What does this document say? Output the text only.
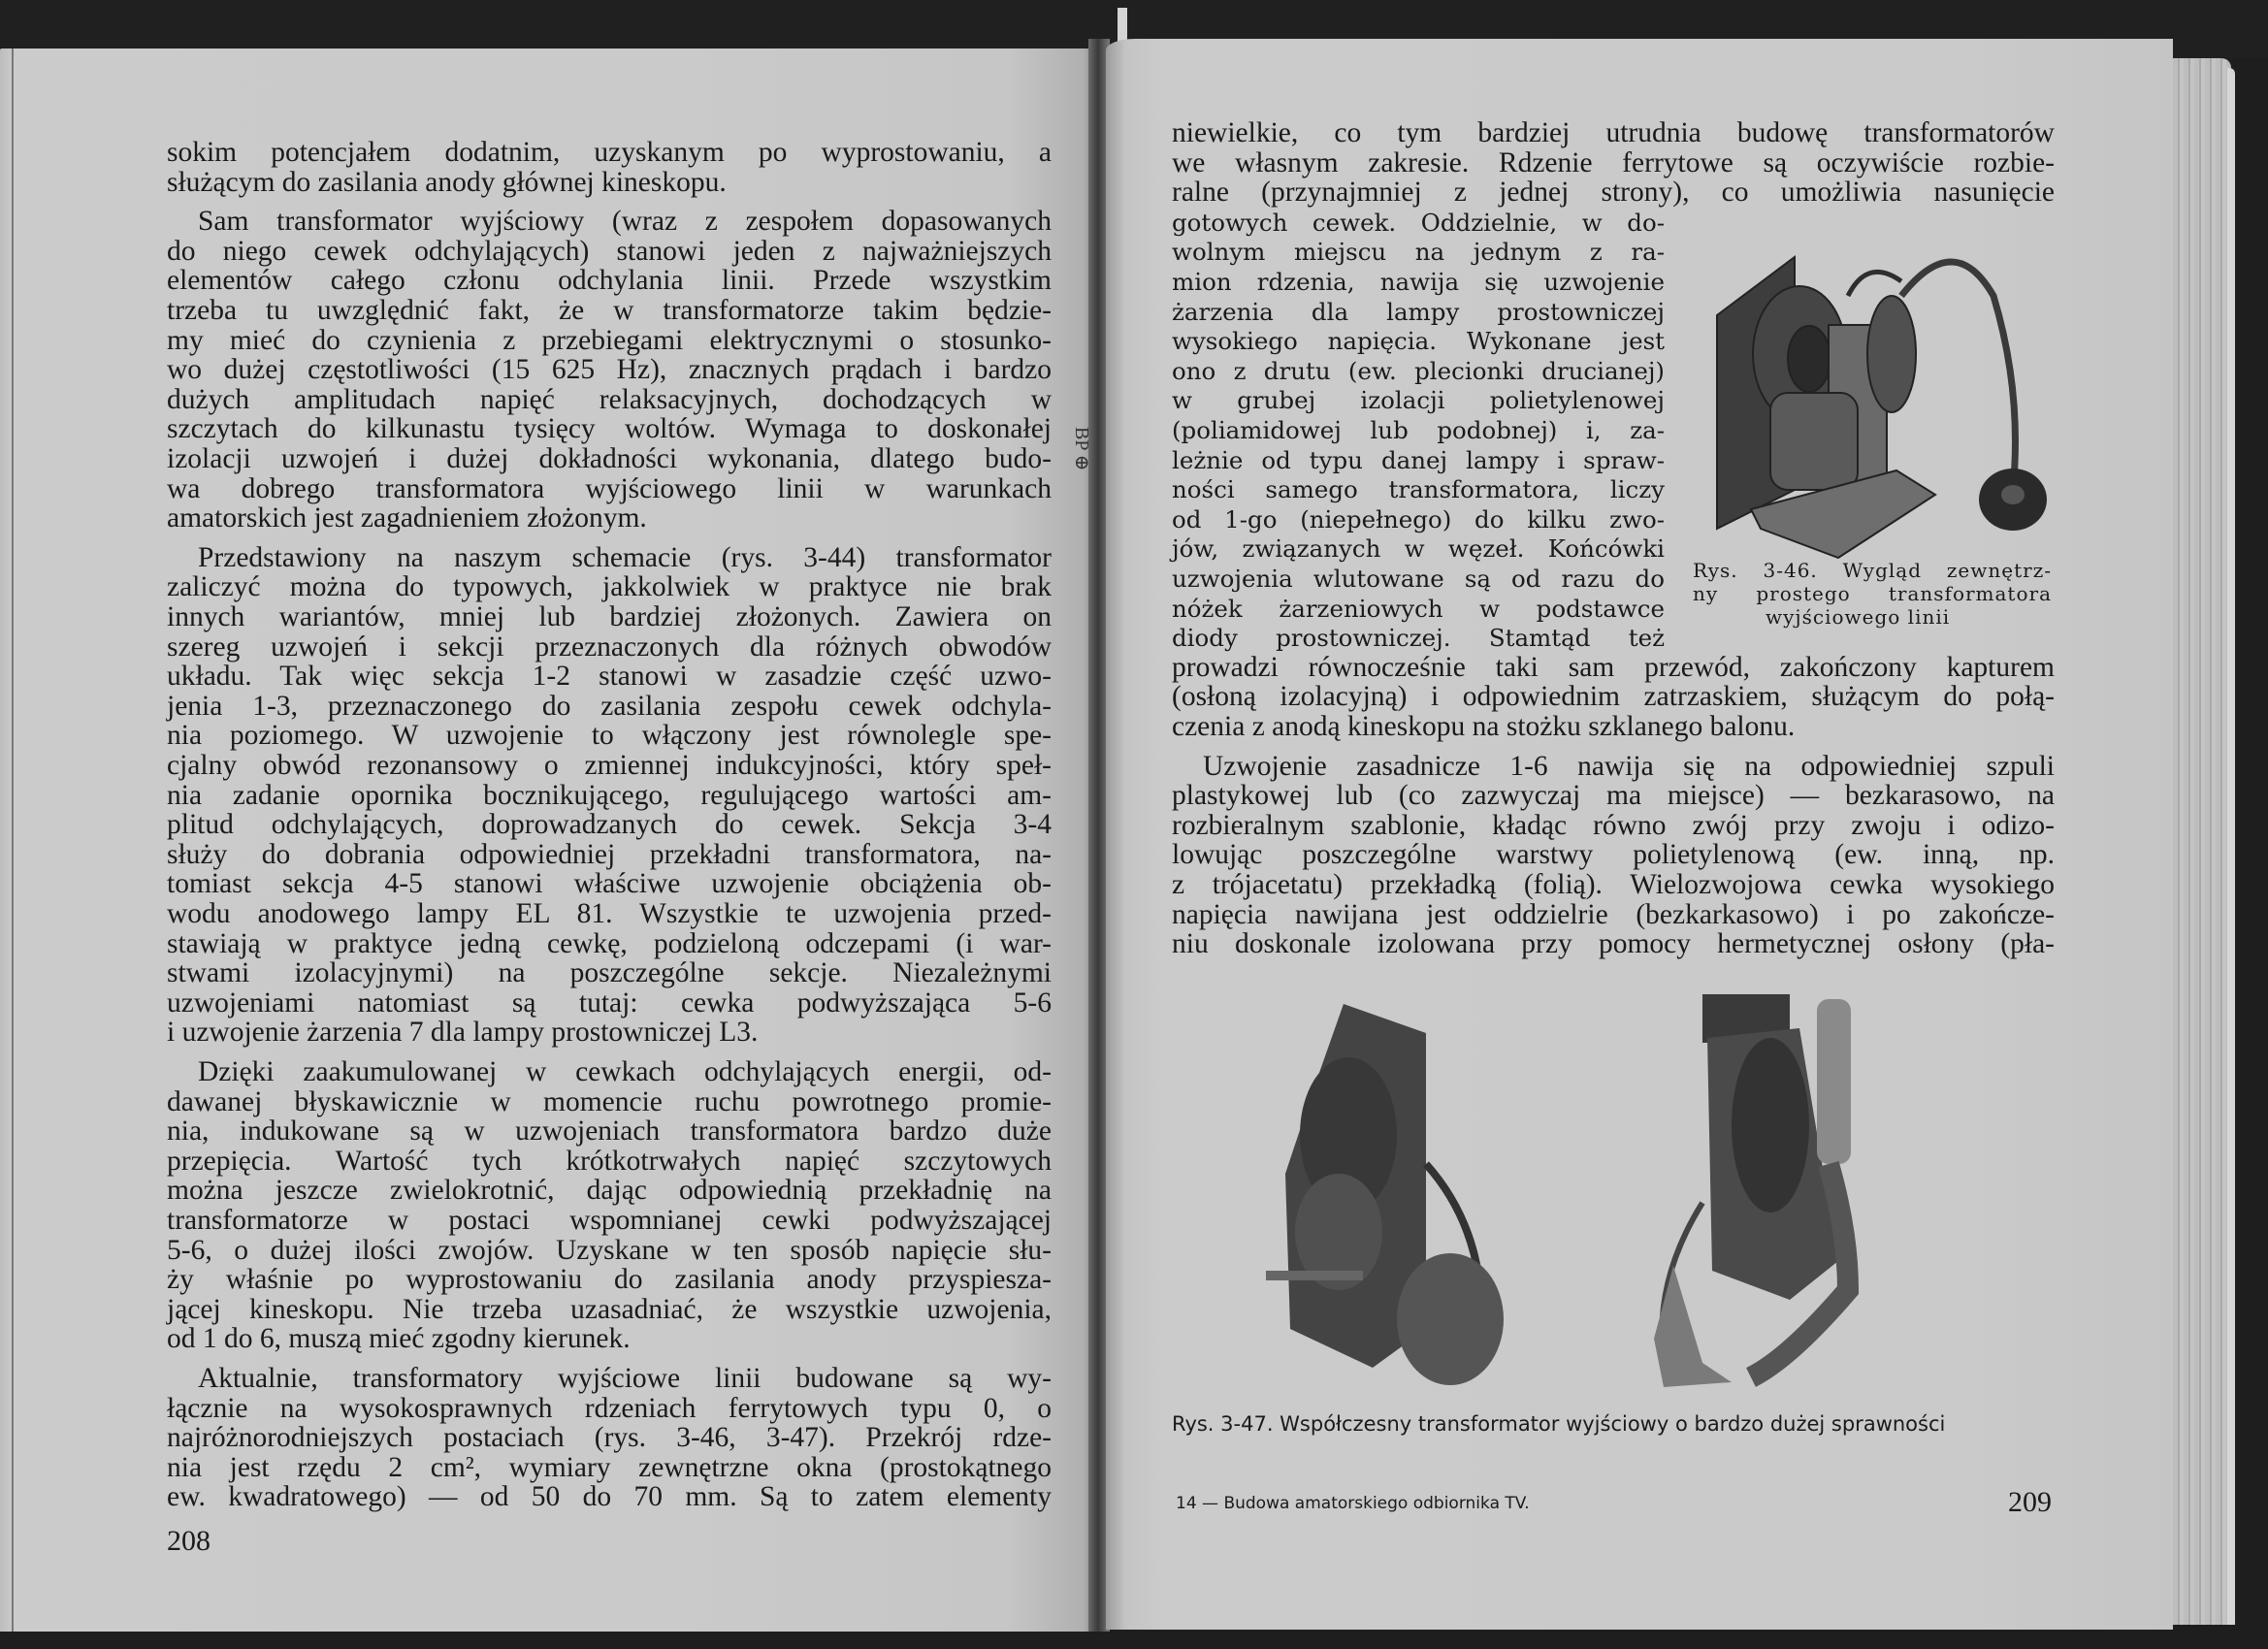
sokim potencjałem dodatnim, uzyskanym po wyprostowaniu, a
służącym do zasilania anody głównej kineskopu.
Sam transformator wyjściowy (wraz z zespołem dopasowanych
do niego cewek odchylających) stanowi jeden z najważniejszych
elementów całego członu odchylania linii. Przede wszystkim
trzeba tu uwzględnić fakt, że w transformatorze takim będzie-
my mieć do czynienia z przebiegami elektrycznymi o stosunko-
wo dużej częstotliwości (15 625 Hz), znacznych prądach i bardzo
dużych amplitudach napięć relaksacyjnych, dochodzących w
szczytach do kilkunastu tysięcy woltów. Wymaga to doskonałej
izolacji uzwojeń i dużej dokładności wykonania, dlatego budo-
wa dobrego transformatora wyjściowego linii w warunkach
amatorskich jest zagadnieniem złożonym.
Przedstawiony na naszym schemacie (rys. 3-44) transformator
zaliczyć można do typowych, jakkolwiek w praktyce nie brak
innych wariantów, mniej lub bardziej złożonych. Zawiera on
szereg uzwojeń i sekcji przeznaczonych dla różnych obwodów
układu. Tak więc sekcja 1-2 stanowi w zasadzie część uzwo-
jenia 1-3, przeznaczonego do zasilania zespołu cewek odchyla-
nia poziomego. W uzwojenie to włączony jest równolegle spe-
cjalny obwód rezonansowy o zmiennej indukcyjności, który speł-
nia zadanie opornika bocznikującego, regulującego wartości am-
plitud odchylających, doprowadzanych do cewek. Sekcja 3-4
służy do dobrania odpowiedniej przekładni transformatora, na-
tomiast sekcja 4-5 stanowi właściwe uzwojenie obciążenia ob-
wodu anodowego lampy EL 81. Wszystkie te uzwojenia przed-
stawiają w praktyce jedną cewkę, podzieloną odczepami (i war-
stwami izolacyjnymi) na poszczególne sekcje. Niezależnymi
uzwojeniami natomiast są tutaj: cewka podwyższająca 5-6
i uzwojenie żarzenia 7 dla lampy prostowniczej L3.
Dzięki zaakumulowanej w cewkach odchylających energii, od-
dawanej błyskawicznie w momencie ruchu powrotnego promie-
nia, indukowane są w uzwojeniach transformatora bardzo duże
przepięcia. Wartość tych krótkotrwałych napięć szczytowych
można jeszcze zwielokrotnić, dając odpowiednią przekładnię na
transformatorze w postaci wspomnianej cewki podwyższającej
5-6, o dużej ilości zwojów. Uzyskane w ten sposób napięcie słu-
ży właśnie po wyprostowaniu do zasilania anody przyspiesza-
jącej kineskopu. Nie trzeba uzasadniać, że wszystkie uzwojenia,
od 1 do 6, muszą mieć zgodny kierunek.
Aktualnie, transformatory wyjściowe linii budowane są wy-
łącznie na wysokosprawnych rdzeniach ferrytowych typu 0, o
najróżnorodniejszych postaciach (rys. 3-46, 3-47). Przekrój rdze-
nia jest rzędu 2 cm², wymiary zewnętrzne okna (prostokątnego
ew. kwadratowego) — od 50 do 70 mm. Są to zatem elementy
208
BP ⊕
niewielkie, co tym bardziej utrudnia budowę transformatorów
we własnym zakresie. Rdzenie ferrytowe są oczywiście rozbie-
ralne (przynajmniej z jednej strony), co umożliwia nasunięcie
gotowych cewek. Oddzielnie, w do-
wolnym miejscu na jednym z ra-
mion rdzenia, nawija się uzwojenie
żarzenia dla lampy prostowniczej
wysokiego napięcia. Wykonane jest
ono z drutu (ew. plecionki drucianej)
w grubej izolacji polietylenowej
(poliamidowej lub podobnej) i, za-
leżnie od typu danej lampy i spraw-
ności samego transformatora, liczy
od 1-go (niepełnego) do kilku zwo-
jów, związanych w węzeł. Końcówki
uzwojenia wlutowane są od razu do
nóżek żarzeniowych w podstawce
diody prostowniczej. Stamtąd też
prowadzi równocześnie taki sam przewód, zakończony kapturem
(osłoną izolacyjną) i odpowiednim zatrzaskiem, służącym do połą-
czenia z anodą kineskopu na stożku szklanego balonu.
Uzwojenie zasadnicze 1-6 nawija się na odpowiedniej szpuli
plastykowej lub (co zazwyczaj ma miejsce) — bezkarasowo, na
rozbieralnym szablonie, kładąc równo zwój przy zwoju i odizo-
lowując poszczególne warstwy polietylenową (ew. inną, np.
z trójacetatu) przekładką (folią). Wielozwojowa cewka wysokiego
napięcia nawijana jest oddzielrie (bezkarkasowo) i po zakończe-
niu doskonale izolowana przy pomocy hermetycznej osłony (pła-
Rys. 3-46. Wygląd zewnętrz-
ny prostego transformatora
wyjściowego linii
Rys. 3-47. Współczesny transformator wyjściowy o bardzo dużej sprawności
14 — Budowa amatorskiego odbiornika TV.	209
